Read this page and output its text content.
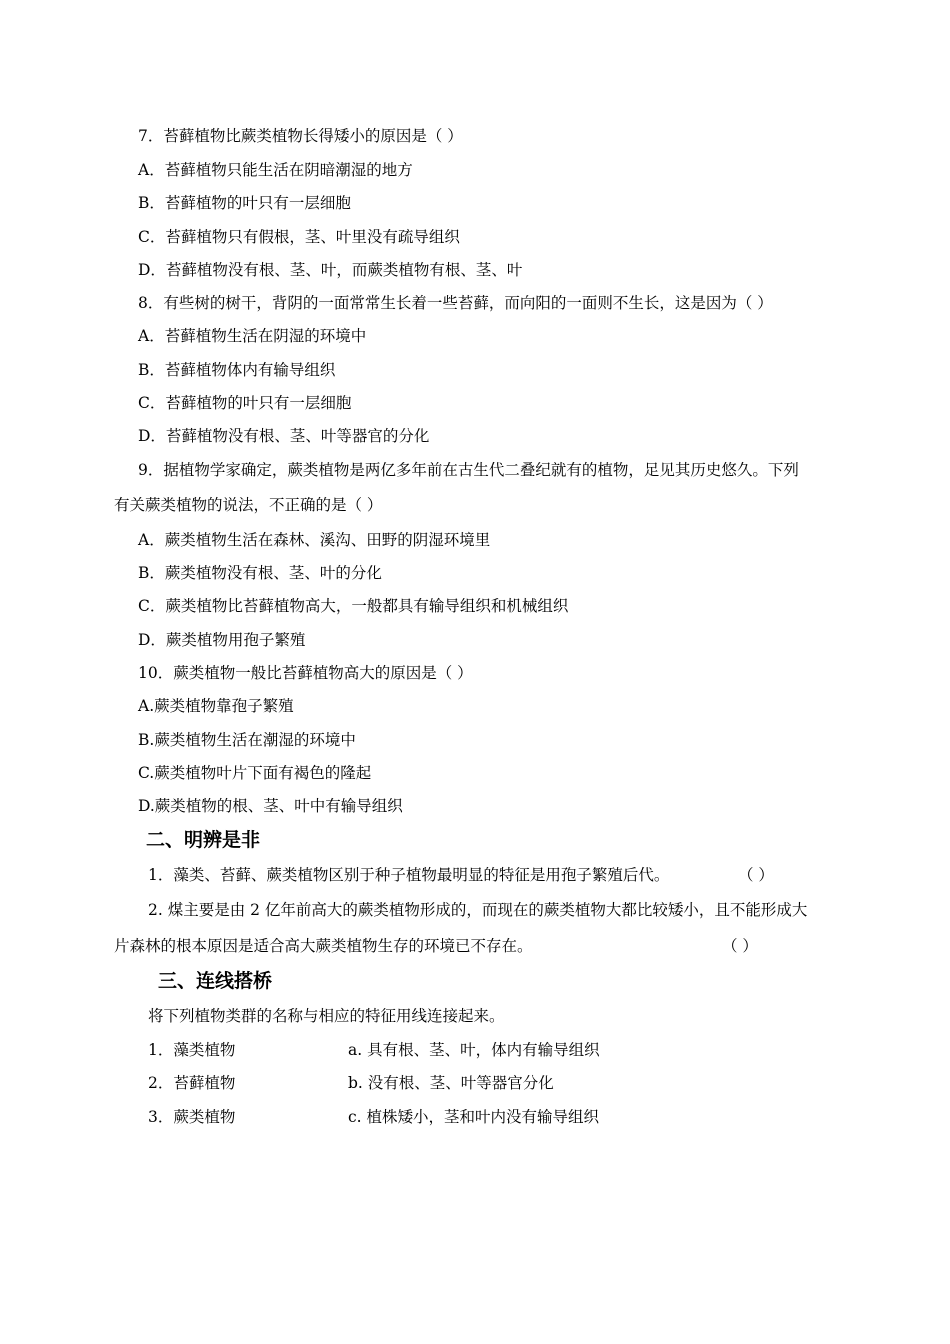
7．苔藓植物比蕨类植物长得矮小的原因是（ ）
A．苔藓植物只能生活在阴暗潮湿的地方
B．苔藓植物的叶只有一层细胞
C．苔藓植物只有假根，茎、叶里没有疏导组织
D．苔藓植物没有根、茎、叶，而蕨类植物有根、茎、叶
8．有些树的树干，背阴的一面常常生长着一些苔藓，而向阳的一面则不生长，这是因为（ ）
A．苔藓植物生活在阴湿的环境中
B．苔藓植物体内有输导组织
C．苔藓植物的叶只有一层细胞
D．苔藓植物没有根、茎、叶等器官的分化
9．据植物学家确定，蕨类植物是两亿多年前在古生代二叠纪就有的植物，足见其历史悠久。下列
有关蕨类植物的说法，不正确的是（ ）
A．蕨类植物生活在森林、溪沟、田野的阴湿环境里
B．蕨类植物没有根、茎、叶的分化
C．蕨类植物比苔藓植物高大，一般都具有输导组织和机械组织
D．蕨类植物用孢子繁殖
10．蕨类植物一般比苔藓植物高大的原因是（ ）
A.蕨类植物靠孢子繁殖
B.蕨类植物生活在潮湿的环境中
C.蕨类植物叶片下面有褐色的隆起
D.蕨类植物的根、茎、叶中有输导组织
二、明辨是非
1．藻类、苔藓、蕨类植物区别于种子植物最明显的特征是用孢子繁殖后代。	（ ）
2. 煤主要是由 2 亿年前高大的蕨类植物形成的，而现在的蕨类植物大都比较矮小，且不能形成大
片森林的根本原因是适合高大蕨类植物生存的环境已不存在。	（ ）
三、连线搭桥
将下列植物类群的名称与相应的特征用线连接起来。
1．藻类植物	a. 具有根、茎、叶，体内有输导组织
2．苔藓植物	b. 没有根、茎、叶等器官分化
3．蕨类植物	c. 植株矮小，茎和叶内没有输导组织
